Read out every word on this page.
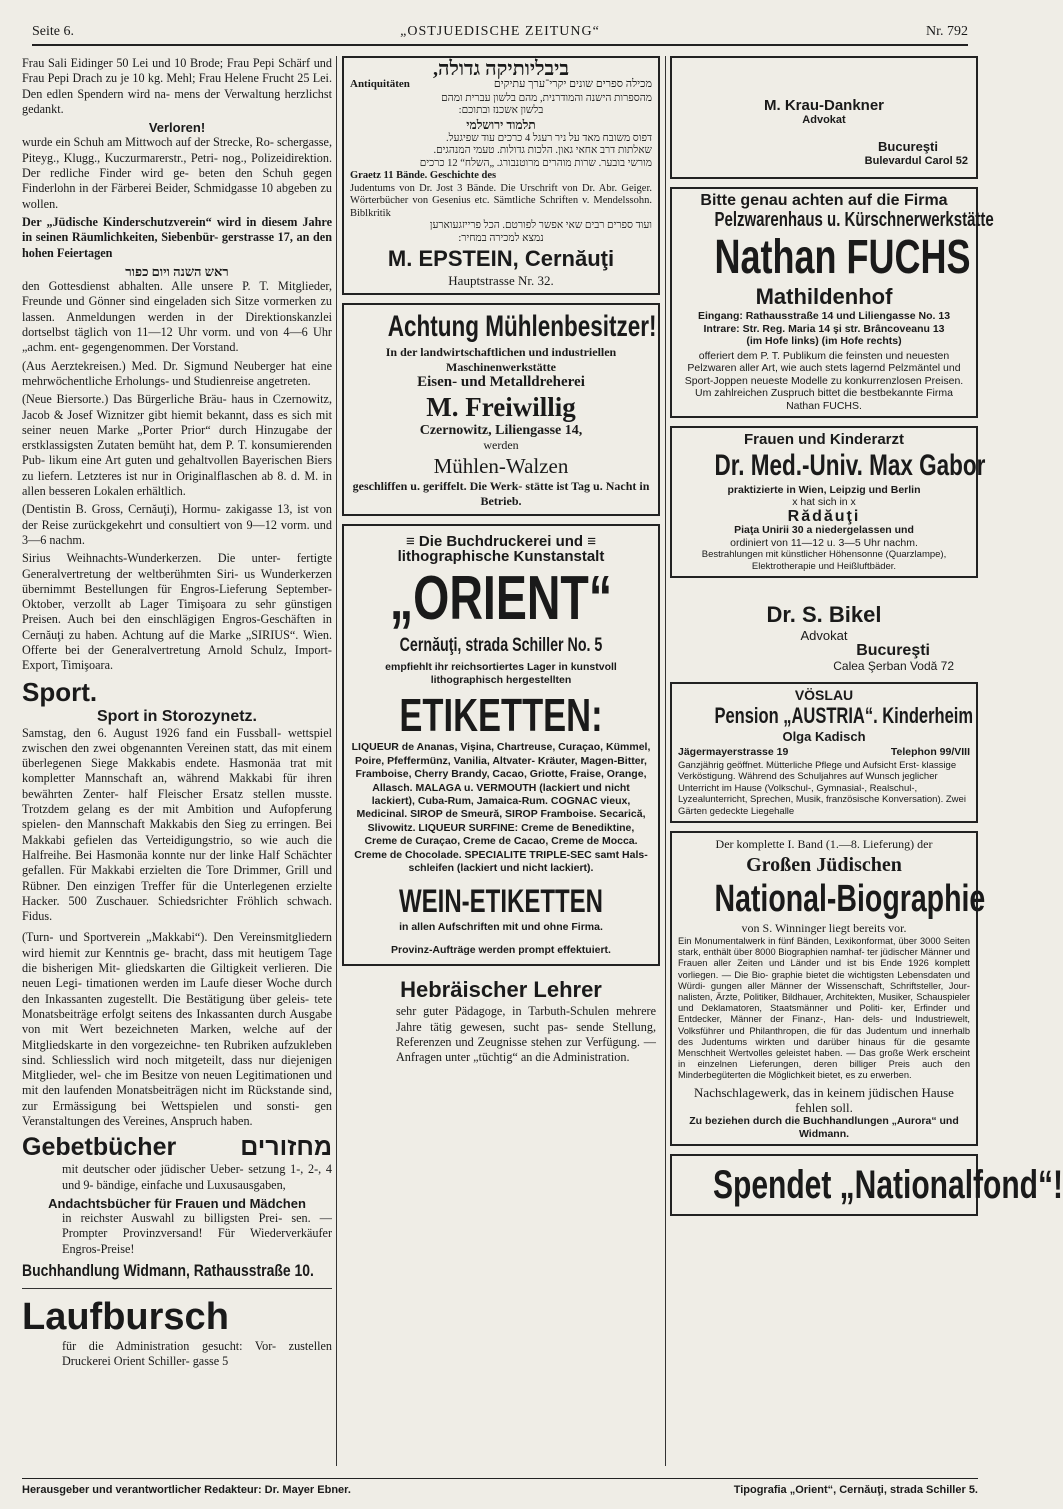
Seite 6.	„OSTJUEDISCHE ZEITUNG“	Nr. 792

Frau Sali Eidinger 50 Lei und 10 Brode; Frau Pepi Schärf und Frau Pepi Drach zu je 10 kg. Mehl; Frau Helene Frucht 25 Lei. Den edlen Spendern wird na- mens der Verwaltung herzlichst gedankt.

Verloren!

wurde ein Schuh am Mittwoch auf der Strecke, Ro- schergasse, Piteyg., Klugg., Kuczurmarerstr., Petri- nog., Polizeidirektion. Der redliche Finder wird ge- beten den Schuh gegen Finderlohn in der Färberei Beider, Schmidgasse 10 abgeben zu wollen.

Der „Jüdische Kinderschutzverein“ wird in diesem Jahre in seinen Räumlichkeiten, Siebenbür- gerstrasse 17, an den hohen Feiertagen

ראש השנה ויום כפור

den Gottesdienst abhalten. Alle unsere P. T. Mitglieder, Freunde und Gönner sind eingeladen sich Sitze vormerken zu lassen. Anmeldungen werden in der Direktionskanzlei dortselbst täglich von 11—12 Uhr vorm. und von 4—6 Uhr „achm. ent- gegengenommen. Der Vorstand.

(Aus Aerztekreisen.) Med. Dr. Sigmund Neuberger hat eine mehrwöchentliche Erholungs- und Studienreise angetreten.

(Neue Biersorte.) Das Bürgerliche Bräu- haus in Czernowitz, Jacob & Josef Wiznitzer gibt hiemit bekannt, dass es sich mit seiner neuen Marke „Porter Prior“ durch Hinzugabe der erstklassigsten Zutaten bemüht hat, dem P. T. konsumierenden Pub- likum eine Art guten und gehaltvollen Bayerischen Biers zu liefern. Letzteres ist nur in Originalflaschen ab 8. d. M. in allen besseren Lokalen erhältlich.

(Dentistin B. Gross, Cernăuţi), Hormu- zakigasse 13, ist von der Reise zurückgekehrt und consultiert von 9—12 vorm. und 3—6 nachm.

Sirius Weihnachts-Wunderkerzen. Die unter- fertigte Generalvertretung der weltberühmten Siri- us Wunderkerzen übernimmt Bestellungen für Engros-Lieferung September-Oktober, verzollt ab Lager Timişoara zu sehr günstigen Preisen. Auch bei den einschlägigen Engros-Geschäften in Cernăuţi zu haben. Achtung auf die Marke „SIRIUS“. Wien. Offerte bei der Generalvertretung Arnold Schulz, Import-Export, Timişoara.

Sport.
Sport in Storozynetz.

Samstag, den 6. August 1926 fand ein Fussball- wettspiel zwischen den zwei obgenannten Vereinen statt, das mit einem überlegenen Siege Makkabis endete. Hasmonäa trat mit kompletter Mannschaft an, während Makkabi für ihren bewährten Zenter- half Fleischer Ersatz stellen musste. Trotzdem gelang es der mit Ambition und Aufopferung spielen- den Mannschaft Makkabis den Sieg zu erringen. Bei Makkabi gefielen das Verteidigungstrio, so wie auch die Halfreihe. Bei Hasmonäa konnte nur der linke Half Schächter gefallen. Für Makkabi erzielten die Tore Drimmer, Grill und Rübner. Den einzigen Treffer für die Unterlegenen erzielte Hacker. 500 Zuschauer. Schiedsrichter Fröhlich schwach. Fidus.

(Turn- und Sportverein „Makkabi“). Den Vereinsmitgliedern wird hiemit zur Kenntnis ge- bracht, dass mit heutigem Tage die bisherigen Mit- gliedskarten die Giltigkeit verlieren. Die neuen Legi- timationen werden im Laufe dieser Woche durch den Inkassanten zugestellt. Die Bestätigung über geleis- tete Monatsbeiträge erfolgt seitens des Inkassanten durch Ausgabe von mit Wert bezeichneten Marken, welche auf der Mitgliedskarte in den vorgezeichne- ten Rubriken aufzukleben sind. Schliesslich wird noch mitgeteilt, dass nur diejenigen Mitglieder, wel- che im Besitze von neuen Legitimationen und mit den laufenden Monatsbeiträgen nicht im Rückstande sind, zur Ermässigung bei Wettspielen und sonsti- gen Veranstaltungen des Vereines, Anspruch haben.

Gebetbücher	מחזורים

mit deutscher oder jüdischer Ueber- setzung 1-, 2-, 4 und 9- bändige, einfache und Luxusausgaben,

Andachtsbücher für Frauen und Mädchen

in reichster Auswahl zu billigsten Prei- sen. — Prompter Provinzversand! Für Wiederverkäufer Engros-Preise!

Buchhandlung Widmann, Rathausstraße 10.
Laufbursch

für die Administration gesucht: Vor- zustellen Druckerei Orient Schiller- gasse 5

ביבליותיקה גדולה,
Antiquitäten	מכילה ספרים שונים יקרי־ערך עתיקים
מהספרות הישנה והמודרנית, מהם בלשון עברית ומהם
בלשון אשכנז ובתוכם:
תלמוד ירושלמי
דפוס משובח מאד על ניר רעגל 4 כרכים עוד שפיגעל.
שאלתות דרב אחאי גאון. הלכות גדולות. טעמי המנהגים.
מורשי בובער. שרות מוהרים מרוטנבורג. „השלח“ 12 כרכים
Graetz 11 Bände. Geschichte des
Judentums von Dr. Jost 3 Bände. Die Urschrift von Dr. Abr. Geiger. Wörterbücher von Gesenius etc. Sämtliche Schriften v. Mendelssohn. Biblkritik
ועוד ספרים רבים שאי אפשר לפורטם. הכל פרייזגעוארען
נמצא למכירה במחיר:
M. EPSTEIN, Cernăuţi
Hauptstrasse Nr. 32.
Achtung Mühlenbesitzer!
In der landwirtschaftlichen und industriellen Maschinenwerkstätte
Eisen- und Metalldreherei
M. Freiwillig
Czernowitz, Liliengasse 14,
werden
Mühlen-Walzen
geschliffen u. geriffelt. Die Werk- stätte ist Tag u. Nacht in Betrieb.
≡ Die Buchdruckerei und ≡
lithographische Kunstanstalt
„ORIENT“
Cernăuţi, strada Schiller No. 5
empfiehlt ihr reichsortiertes Lager in kunstvoll lithographisch hergestellten
ETIKETTEN:
LIQUEUR de Ananas, Vişina, Chartreuse, Curaçao, Kümmel, Poire, Pfeffermünz, Vanilia, Altvater- Kräuter, Magen-Bitter, Framboise, Cherry Brandy, Cacao, Griotte, Fraise, Orange, Allasch. MALAGA u. VERMOUTH (lackiert und nicht lackiert), Cuba-Rum, Jamaica-Rum. COGNAC vieux, Medicinal. SIROP de Smeură, SIROP Framboise. Secarică, Slivowitz. LIQUEUR SURFINE: Creme de Benediktine, Creme de Curaçao, Creme de Cacao, Creme de Mocca. Creme de Chocolade. SPECIALITE TRIPLE-SEC samt Hals- schleifen (lackiert und nicht lackiert).
WEIN-ETIKETTEN
in allen Aufschriften mit und ohne Firma.
Provinz-Aufträge werden prompt effektuiert.
Hebräischer Lehrer

sehr guter Pädagoge, in Tarbuth-Schulen mehrere Jahre tätig gewesen, sucht pas- sende Stellung, Referenzen und Zeugnisse stehen zur Verfügung. — Anfragen unter „tüchtig“ an die Administration.

M. Krau-Dankner
Advokat
Bucureşti
Bulevardul Carol 52
Bitte genau achten auf die Firma
Pelzwarenhaus u. Kürschnerwerkstätte
Nathan FUCHS
Mathildenhof
Eingang: Rathausstraße 14 und Liliengasse No. 13
Intrare: Str. Reg. Maria 14 şi str. Brâncoveanu 13
(im Hofe links) (im Hofe rechts)
offeriert dem P. T. Publikum die feinsten und neuesten Pelzwaren aller Art, wie auch stets lagernd Pelzmäntel und Sport-Joppen neueste Modelle zu konkurrenzlosen Preisen. Um zahlreichen Zuspruch bittet die bestbekannte Firma Nathan FUCHS.
Frauen und Kinderarzt
Dr. Med.-Univ. Max Gabor
praktizierte in Wien, Leipzig und Berlin
x hat sich in x
Rădăuţi
Piaţa Unirii 30 a niedergelassen und
ordiniert von 11—12 u. 3—5 Uhr nachm.
Bestrahlungen mit künstlicher Höhensonne (Quarzlampe), Elektrotherapie und Heißluftbäder.
Dr. S. Bikel
Advokat
Bucureşti
Calea Şerban Vodă 72
VÖSLAU
Pension „AUSTRIA“. Kinderheim
Olga Kadisch
Jägermayerstrasse 19	Telephon 99/VIII
Ganzjährig geöffnet. Mütterliche Pflege und Aufsicht Erst- klassige Verköstigung. Während des Schuljahres auf Wunsch jeglicher Unterricht im Hause (Volkschul-, Gymnasial-, Realschul-, Lyzealunterricht, Sprechen, Musik, französische Konversation). Zwei Gärten gedeckte Liegehalle
Der komplette I. Band (1.—8. Lieferung) der
Großen Jüdischen
National-Biographie
von S. Winninger liegt bereits vor.
Ein Monumentalwerk in fünf Bänden, Lexikonformat, über 3000 Seiten stark, enthält über 8000 Biographien namhaf- ter jüdischer Männer und Frauen aller Zeiten und Länder und ist bis Ende 1926 komplett vorliegen. — Die Bio- graphie bietet die wichtigsten Lebensdaten und Würdi- gungen aller Männer der Wissenschaft, Schriftsteller, Jour- nalisten, Ärzte, Politiker, Bildhauer, Architekten, Musiker, Schauspieler und Deklamatoren, Staatsmänner und Politi- ker, Erfinder und Entdecker, Männer der Finanz-, Han- dels- und Industriewelt, Volksführer und Philanthropen, die für das Judentum und innerhalb des Judentums wirkten und darüber hinaus für die gesamte Menschheit Wertvolles geleistet haben. — Das große Werk erscheint in einzelnen Lieferungen, deren billiger Preis auch den Minderbegüterten die Möglichkeit bietet, es zu erwerben.
Nachschlagewerk, das in keinem jüdischen Hause fehlen soll.
Zu beziehen durch die Buchhandlungen „Aurora“ und Widmann.
Spendet „Nationalfond“!
Herausgeber und verantwortlicher Redakteur: Dr. Mayer Ebner.	Tipografia „Orient“, Cernăuţi, strada Schiller 5.
